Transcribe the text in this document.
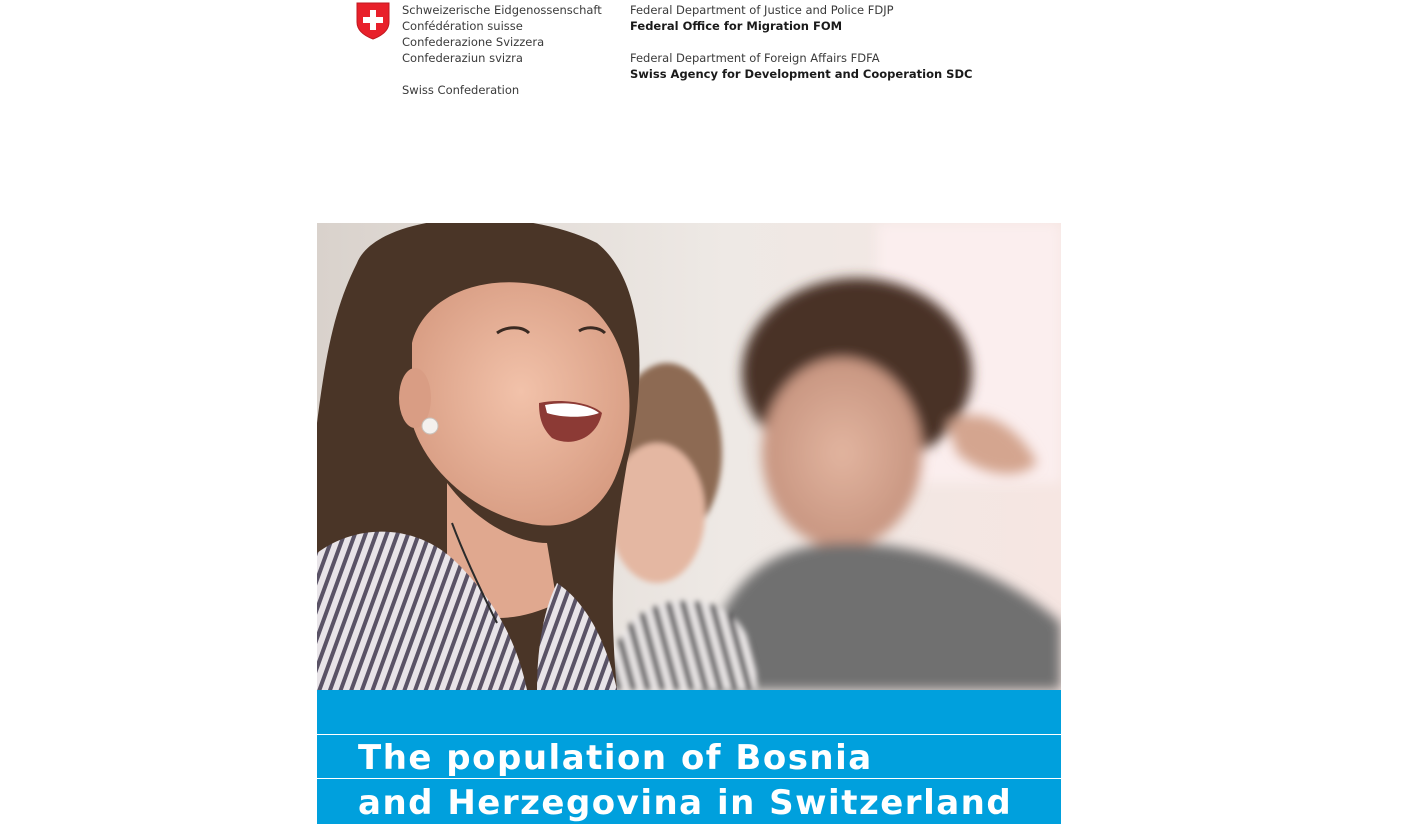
Schweizerische Eidgenossenschaft
Confédération suisse
Confederazione Svizzera
Confederaziun svizra
Swiss Confederation
Federal Department of Justice and Police FDJP
Federal Office for Migration FOM
Federal Department of Foreign Affairs FDFA
Swiss Agency for Development and Cooperation SDC
The population of Bosnia
and Herzegovina in Switzerland
